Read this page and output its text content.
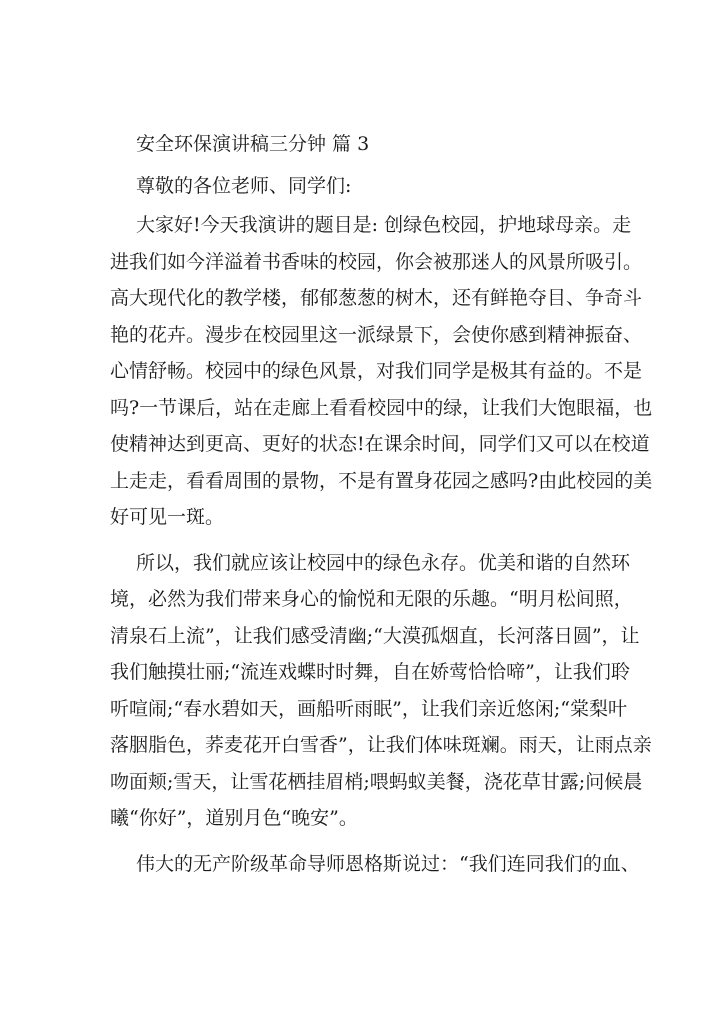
安全环保演讲稿三分钟 篇 3

尊敬的各位老师、同学们:

大家好!今天我演讲的题目是: 创绿色校园，护地球母亲。走
进我们如今洋溢着书香味的校园，你会被那迷人的风景所吸引。
高大现代化的教学楼，郁郁葱葱的树木，还有鲜艳夺目、争奇斗
艳的花卉。漫步在校园里这一派绿景下，会使你感到精神振奋、
心情舒畅。校园中的绿色风景，对我们同学是极其有益的。不是
吗?一节课后，站在走廊上看看校园中的绿，让我们大饱眼福，也
使精神达到更高、更好的状态!在课余时间，同学们又可以在校道
上走走，看看周围的景物，不是有置身花园之感吗?由此校园的美
好可见一斑。
所以，我们就应该让校园中的绿色永存。优美和谐的自然环
境，必然为我们带来身心的愉悦和无限的乐趣。“明月松间照，
清泉石上流”，让我们感受清幽;“大漠孤烟直，长河落日圆”，让
我们触摸壮丽;“流连戏蝶时时舞，自在娇莺恰恰啼”，让我们聆
听喧闹;“春水碧如天，画船听雨眠”，让我们亲近悠闲;“棠梨叶
落胭脂色，荞麦花开白雪香”，让我们体味斑斓。雨天，让雨点亲
吻面颊;雪天，让雪花栖挂眉梢;喂蚂蚁美餐，浇花草甘露;问候晨
曦“你好”，道别月色“晚安”。
伟大的无产阶级革命导师恩格斯说过：“我们连同我们的血、
